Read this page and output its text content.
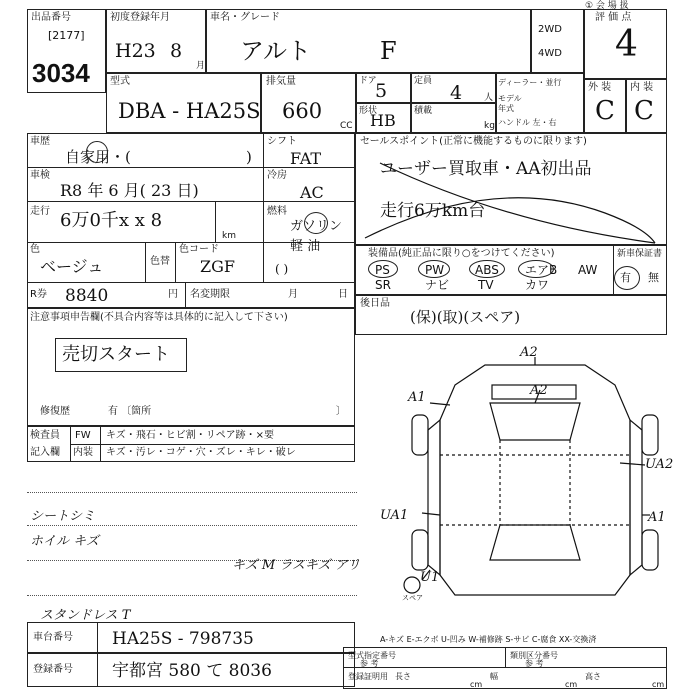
① 会 場 扱
出品番号
[2177]
3034
初度登録年月
H23 8
月
車名・グレード
アルト	F
2WD
4WD
評 価 点
4
型式
DBA - HA25S
排気量
660
CC
ドア
5	定員
4 人
形状
HB 積載
kg
ディーラー・並行
モデル
年式
ハンドル 左・右
外 装 内 装
C C
車歴
自家用・(	)
シフト
FAT
車検
R8 年 6 月( 23 日)
冷房
AC
走行 6万0千x x 8
km
燃料
ガソリン
軽 油
( )
色
ベージュ	色替
色コード
ZGF
R券 8840	円 名変期限	月	日
セールスポイント(正常に機能するものに限ります)
ユーザー買取車・AA初出品
走行6万km台
装備品(純正品に限り○をつけてください)	新車保証書
PS	PW	ABS エアB AW
SR	ナビ TV	カワ
有 無
後日品
(保)(取)(スペア)
注意事項申告欄(不具合内容等は具体的に記入して下さい)
売切スタート
修復歴	有 〔箇所	〕
検査員
記入欄
FW
内装
キズ・飛石・ヒビ割・リペア跡・×要
キズ・汚レ・コゲ・穴・ズレ・キレ・破レ
シートシミ
ホイル キズ
キズ M ラスキズ アリ
スタンドレス T
A2
A1	A2
UA2
UA1	A1
U1
スペア
車台番号 HA25S - 798735
登録番号 宇都宮 580 て 8036
A-キズ E-エクボ U-凹み W-補修跡 S-サビ C-腐食 XX-交換済
型式指定番号
参 考
類別区分番号
参 考
登録証明用 長さ	幅	高さ
cm	cm	cm
